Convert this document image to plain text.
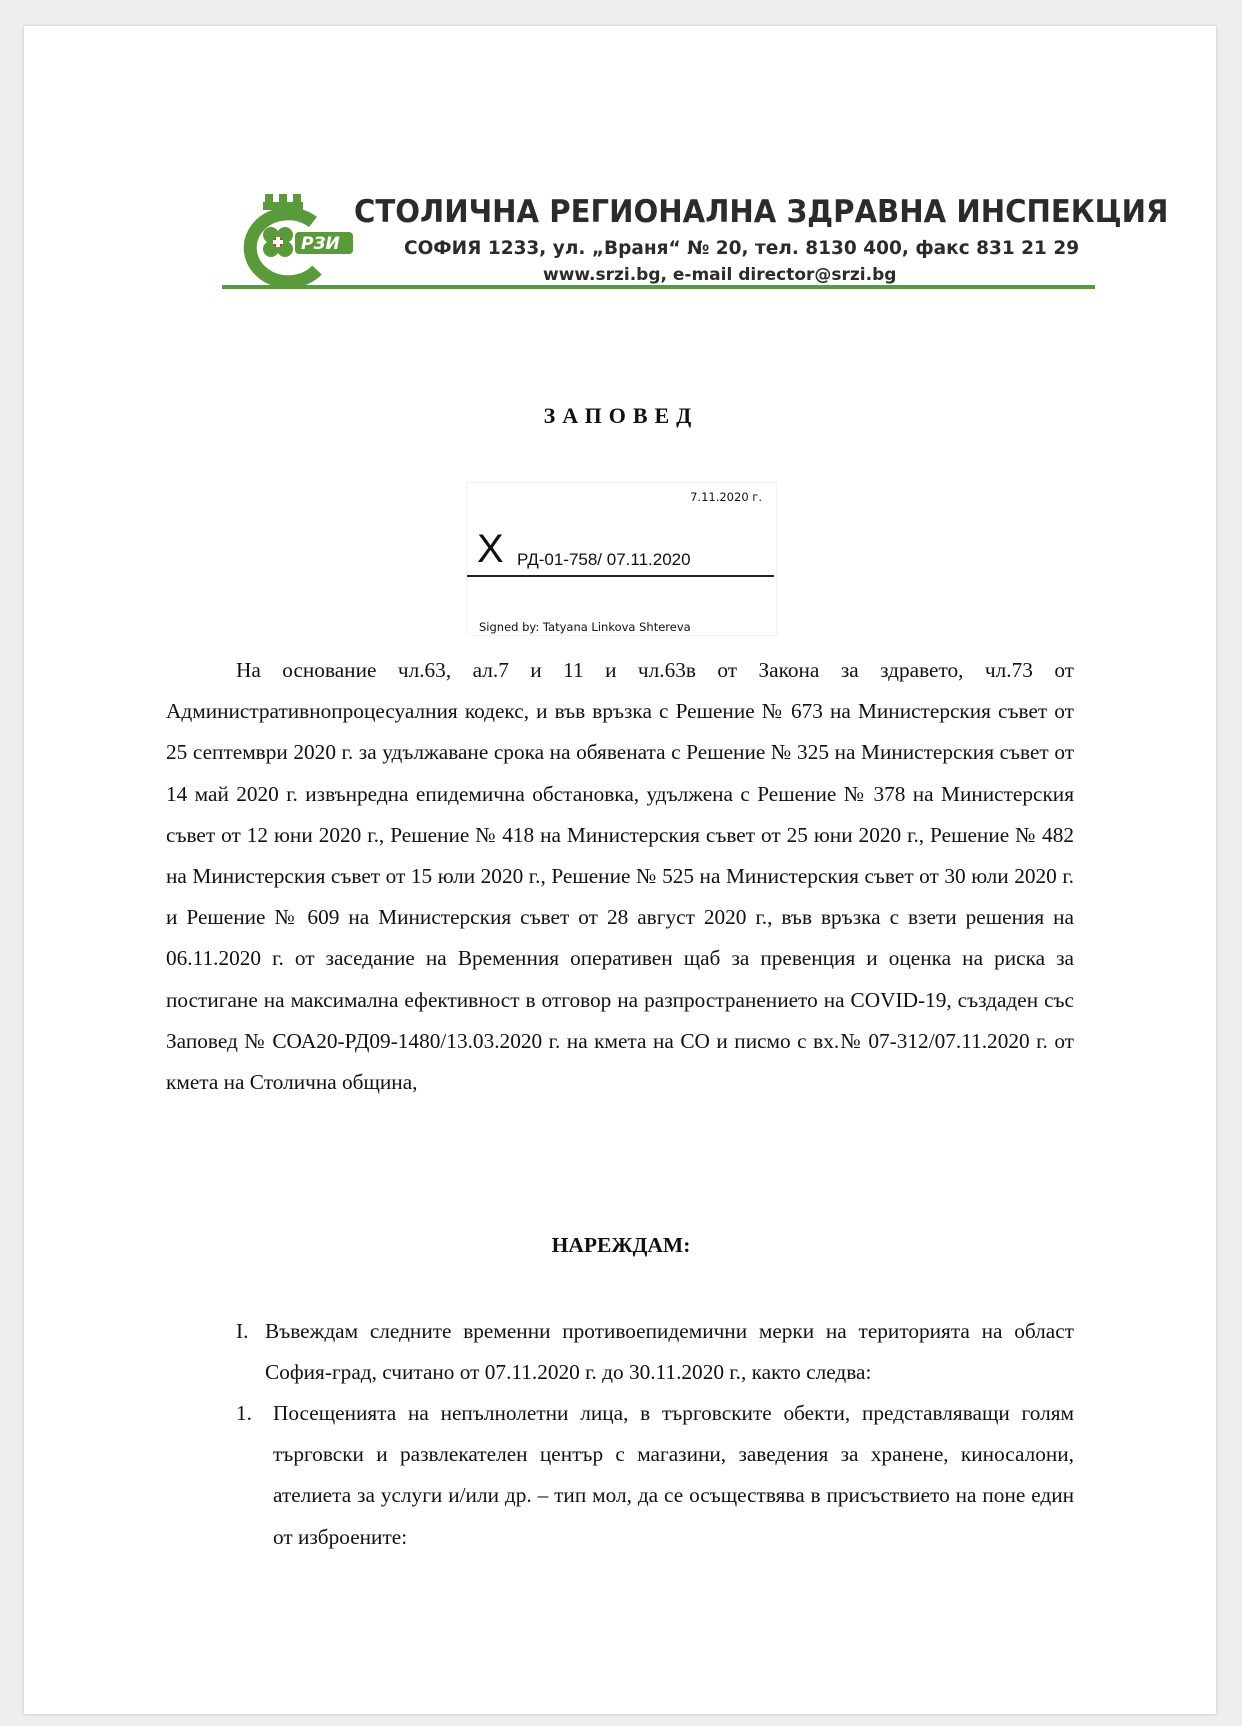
РЗИ
СТОЛИЧНА РЕГИОНАЛНА ЗДРАВНА ИНСПЕКЦИЯ
СОФИЯ 1233, ул. „Враня“ № 20, тел. 8130 400, факс 831 21 29
www.srzi.bg, e-mail director@srzi.bg
ЗАПОВЕД
7.11.2020 г.
X РД-01-758/ 07.11.2020
Signed by: Tatyana Linkova Shtereva

На основание чл.63, ал.7 и 11 и чл.63в от Закона за здравето, чл.73 от Административнопроцесуалния кодекс, и във връзка с Решение № 673 на Министерския съвет от 25 септември 2020 г. за удължаване срока на обявената с Решение № 325 на Министерския съвет от 14 май 2020 г. извънредна епидемична обстановка, удължена с Решение № 378 на Министерския съвет от 12 юни 2020 г., Решение № 418 на Министерския съвет от 25 юни 2020 г., Решение № 482 на Министерския съвет от 15 юли 2020 г., Решение № 525 на Министерския съвет от 30 юли 2020 г. и Решение № 609 на Министерския съвет от 28 август 2020 г., във връзка с взети решения на 06.11.2020 г. от заседание на Временния оперативен щаб за превенция и оценка на риска за постигане на максимална ефективност в отговор на разпространението на COVID-19, създаден със Заповед № СОА20-РД09-1480/13.03.2020 г. на кмета на СО и писмо с вх.№ 07-312/07.11.2020 г. от кмета на Столична община,

НАРЕЖДАМ:
I. Въвеждам следните временни противоепидемични мерки на територията на област София-град, считано от 07.11.2020 г. до 30.11.2020 г., както следва:

1. Посещенията на непълнолетни лица, в търговските обекти, представляващи голям търговски и развлекателен център с магазини, заведения за хранене, киносалони, ателиета за услуги и/или др. – тип мол, да се осъществява в присъствието на поне един от изброените:
